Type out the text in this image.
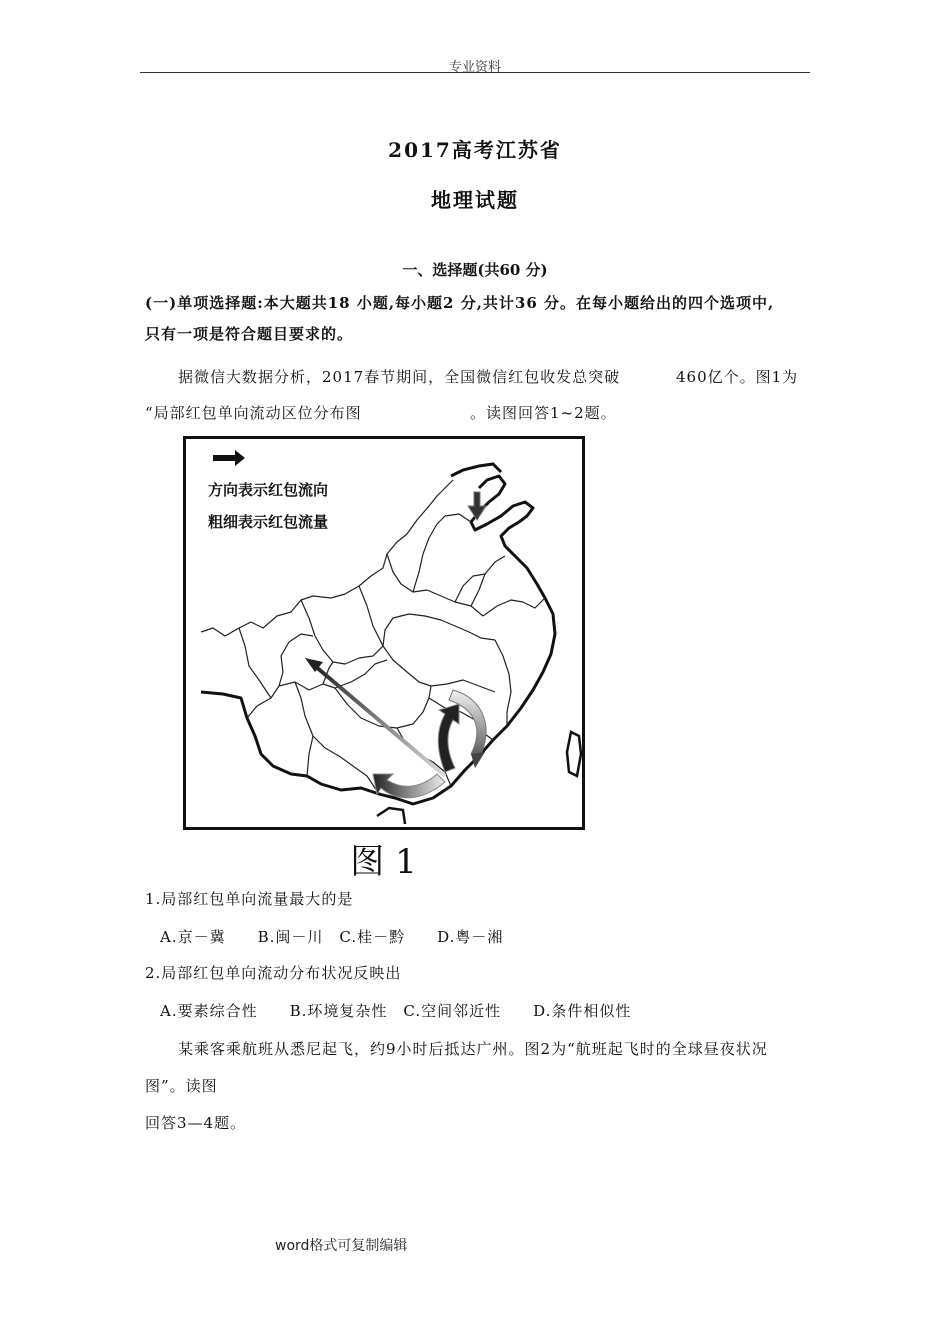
专业资料
2017高考江苏省
地理试题
一、选择题(共60 分)
(一)单项选择题:本大题共18 小题,每小题2 分,共计36 分。在每小题给出的四个选项中,
只有一项是符合题目要求的。
据微信大数据分析，2017春节期间，全国微信红包收发总突破	460亿个。图1为
“局部红包单向流动区位分布图	。读图回答1~2题。
方向表示红包流向
粗细表示红包流量
图 1
1.局部红包单向流量最大的是
A.京－冀　　B.闽－川　C.桂－黔　　D.粤－湘
2.局部红包单向流动分布状况反映出
A.要素综合性　　B.环境复杂性　C.空间邻近性　　D.条件相似性
某乘客乘航班从悉尼起飞，约9小时后抵达广州。图2为“航班起飞时的全球昼夜状况
图”。读图
回答3—4题。
word格式可复制编辑
